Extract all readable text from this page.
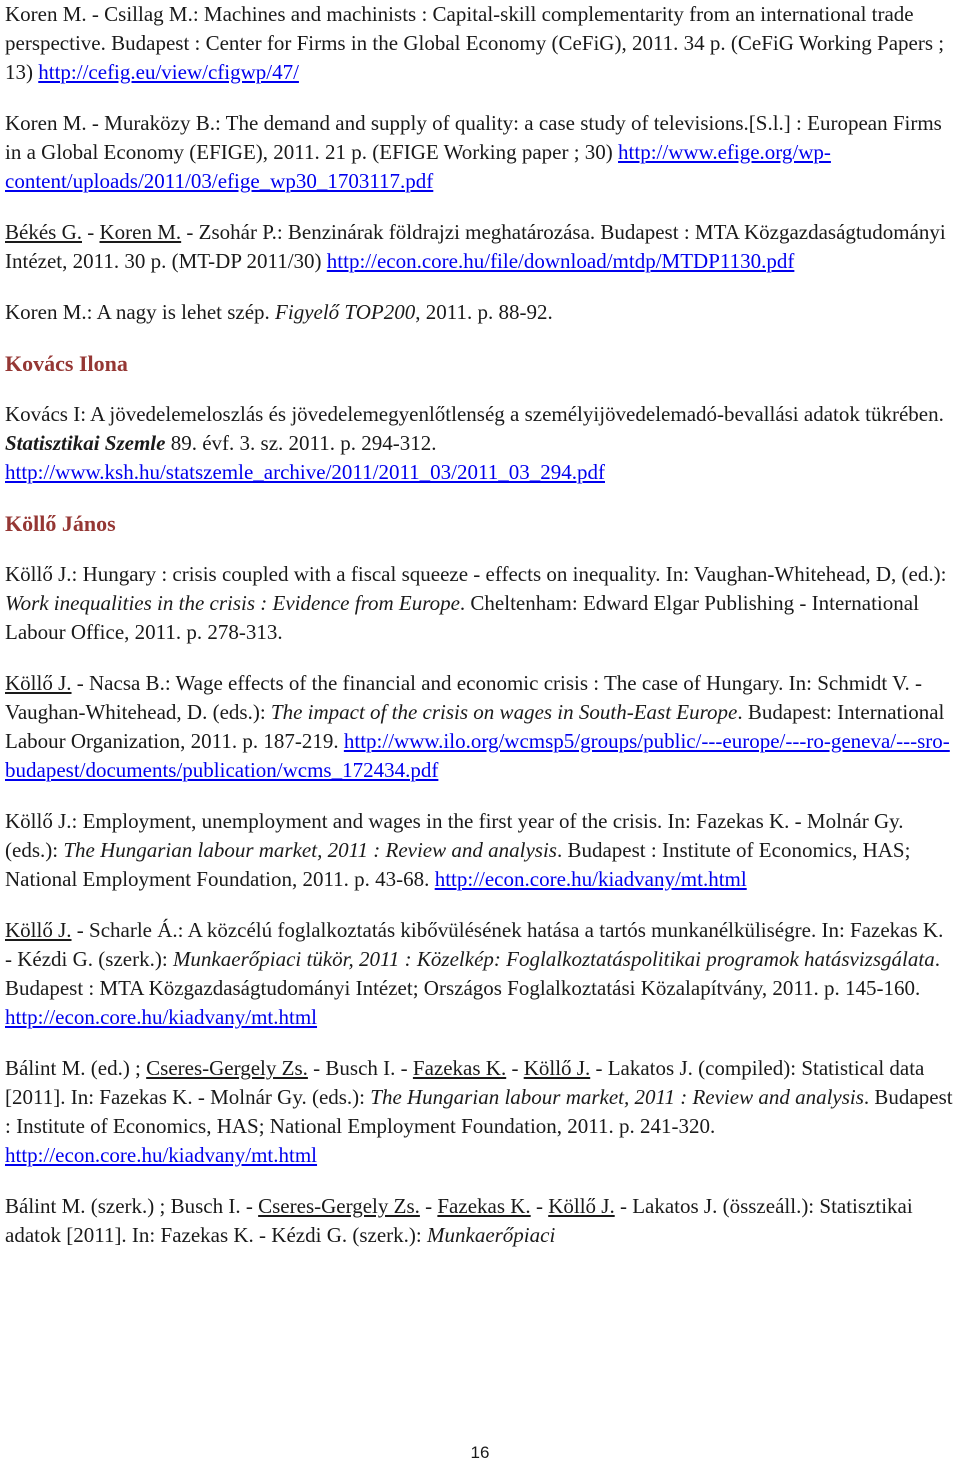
Koren M. - Csillag M.: Machines and machinists : Capital-skill complementarity from an international trade perspective. Budapest : Center for Firms in the Global Economy (CeFiG), 2011. 34 p. (CeFiG Working Papers ; 13) http://cefig.eu/view/cfigwp/47/

Koren M. - Muraközy B.: The demand and supply of quality: a case study of televisions.[S.l.] : European Firms in a Global Economy (EFIGE), 2011. 21 p. (EFIGE Working paper ; 30) http://www.efige.org/wp-content/uploads/2011/03/efige_wp30_1703117.pdf

Békés G. - Koren M. - Zsohár P.: Benzinárak földrajzi meghatározása. Budapest : MTA Közgazdaságtudományi Intézet, 2011. 30 p. (MT-DP 2011/30) http://econ.core.hu/file/download/mtdp/MTDP1130.pdf

Koren M.: A nagy is lehet szép. Figyelő TOP200, 2011. p. 88-92.

Kovács Ilona

Kovács I: A jövedelemeloszlás és jövedelemegyenlőtlenség a személyijövedelemadó-bevallási adatok tükrében. Statisztikai Szemle 89. évf. 3. sz. 2011. p. 294-312. http://www.ksh.hu/statszemle_archive/2011/2011_03/2011_03_294.pdf

Köllő János

Köllő J.: Hungary : crisis coupled with a fiscal squeeze - effects on inequality. In: Vaughan-Whitehead, D, (ed.): Work inequalities in the crisis : Evidence from Europe. Cheltenham: Edward Elgar Publishing - International Labour Office, 2011. p. 278-313.

Köllő J. - Nacsa B.: Wage effects of the financial and economic crisis : The case of Hungary. In: Schmidt V. - Vaughan-Whitehead, D. (eds.): The impact of the crisis on wages in South-East Europe. Budapest: International Labour Organization, 2011. p. 187-219. http://www.ilo.org/wcmsp5/groups/public/---europe/---ro-geneva/---sro-budapest/documents/publication/wcms_172434.pdf

Köllő J.: Employment, unemployment and wages in the first year of the crisis. In: Fazekas K. - Molnár Gy. (eds.): The Hungarian labour market, 2011 : Review and analysis. Budapest : Institute of Economics, HAS; National Employment Foundation, 2011. p. 43-68. http://econ.core.hu/kiadvany/mt.html

Köllő J. - Scharle Á.: A közcélú foglalkoztatás kibővülésének hatása a tartós munkanélküliségre. In: Fazekas K. - Kézdi G. (szerk.): Munkaerőpiaci tükör, 2011 : Közelkép: Foglalkoztatáspolitikai programok hatásvizsgálata. Budapest : MTA Közgazdaságtudományi Intézet; Országos Foglalkoztatási Közalapítvány, 2011. p. 145-160. http://econ.core.hu/kiadvany/mt.html

Bálint M. (ed.) ; Cseres-Gergely Zs. - Busch I. - Fazekas K. - Köllő J. - Lakatos J. (compiled): Statistical data [2011]. In: Fazekas K. - Molnár Gy. (eds.): The Hungarian labour market, 2011 : Review and analysis. Budapest : Institute of Economics, HAS; National Employment Foundation, 2011. p. 241-320. http://econ.core.hu/kiadvany/mt.html

Bálint M. (szerk.) ; Busch I. - Cseres-Gergely Zs. - Fazekas K. - Köllő J. - Lakatos J. (összeáll.): Statisztikai adatok [2011]. In: Fazekas K. - Kézdi G. (szerk.): Munkaerőpiaci

16
